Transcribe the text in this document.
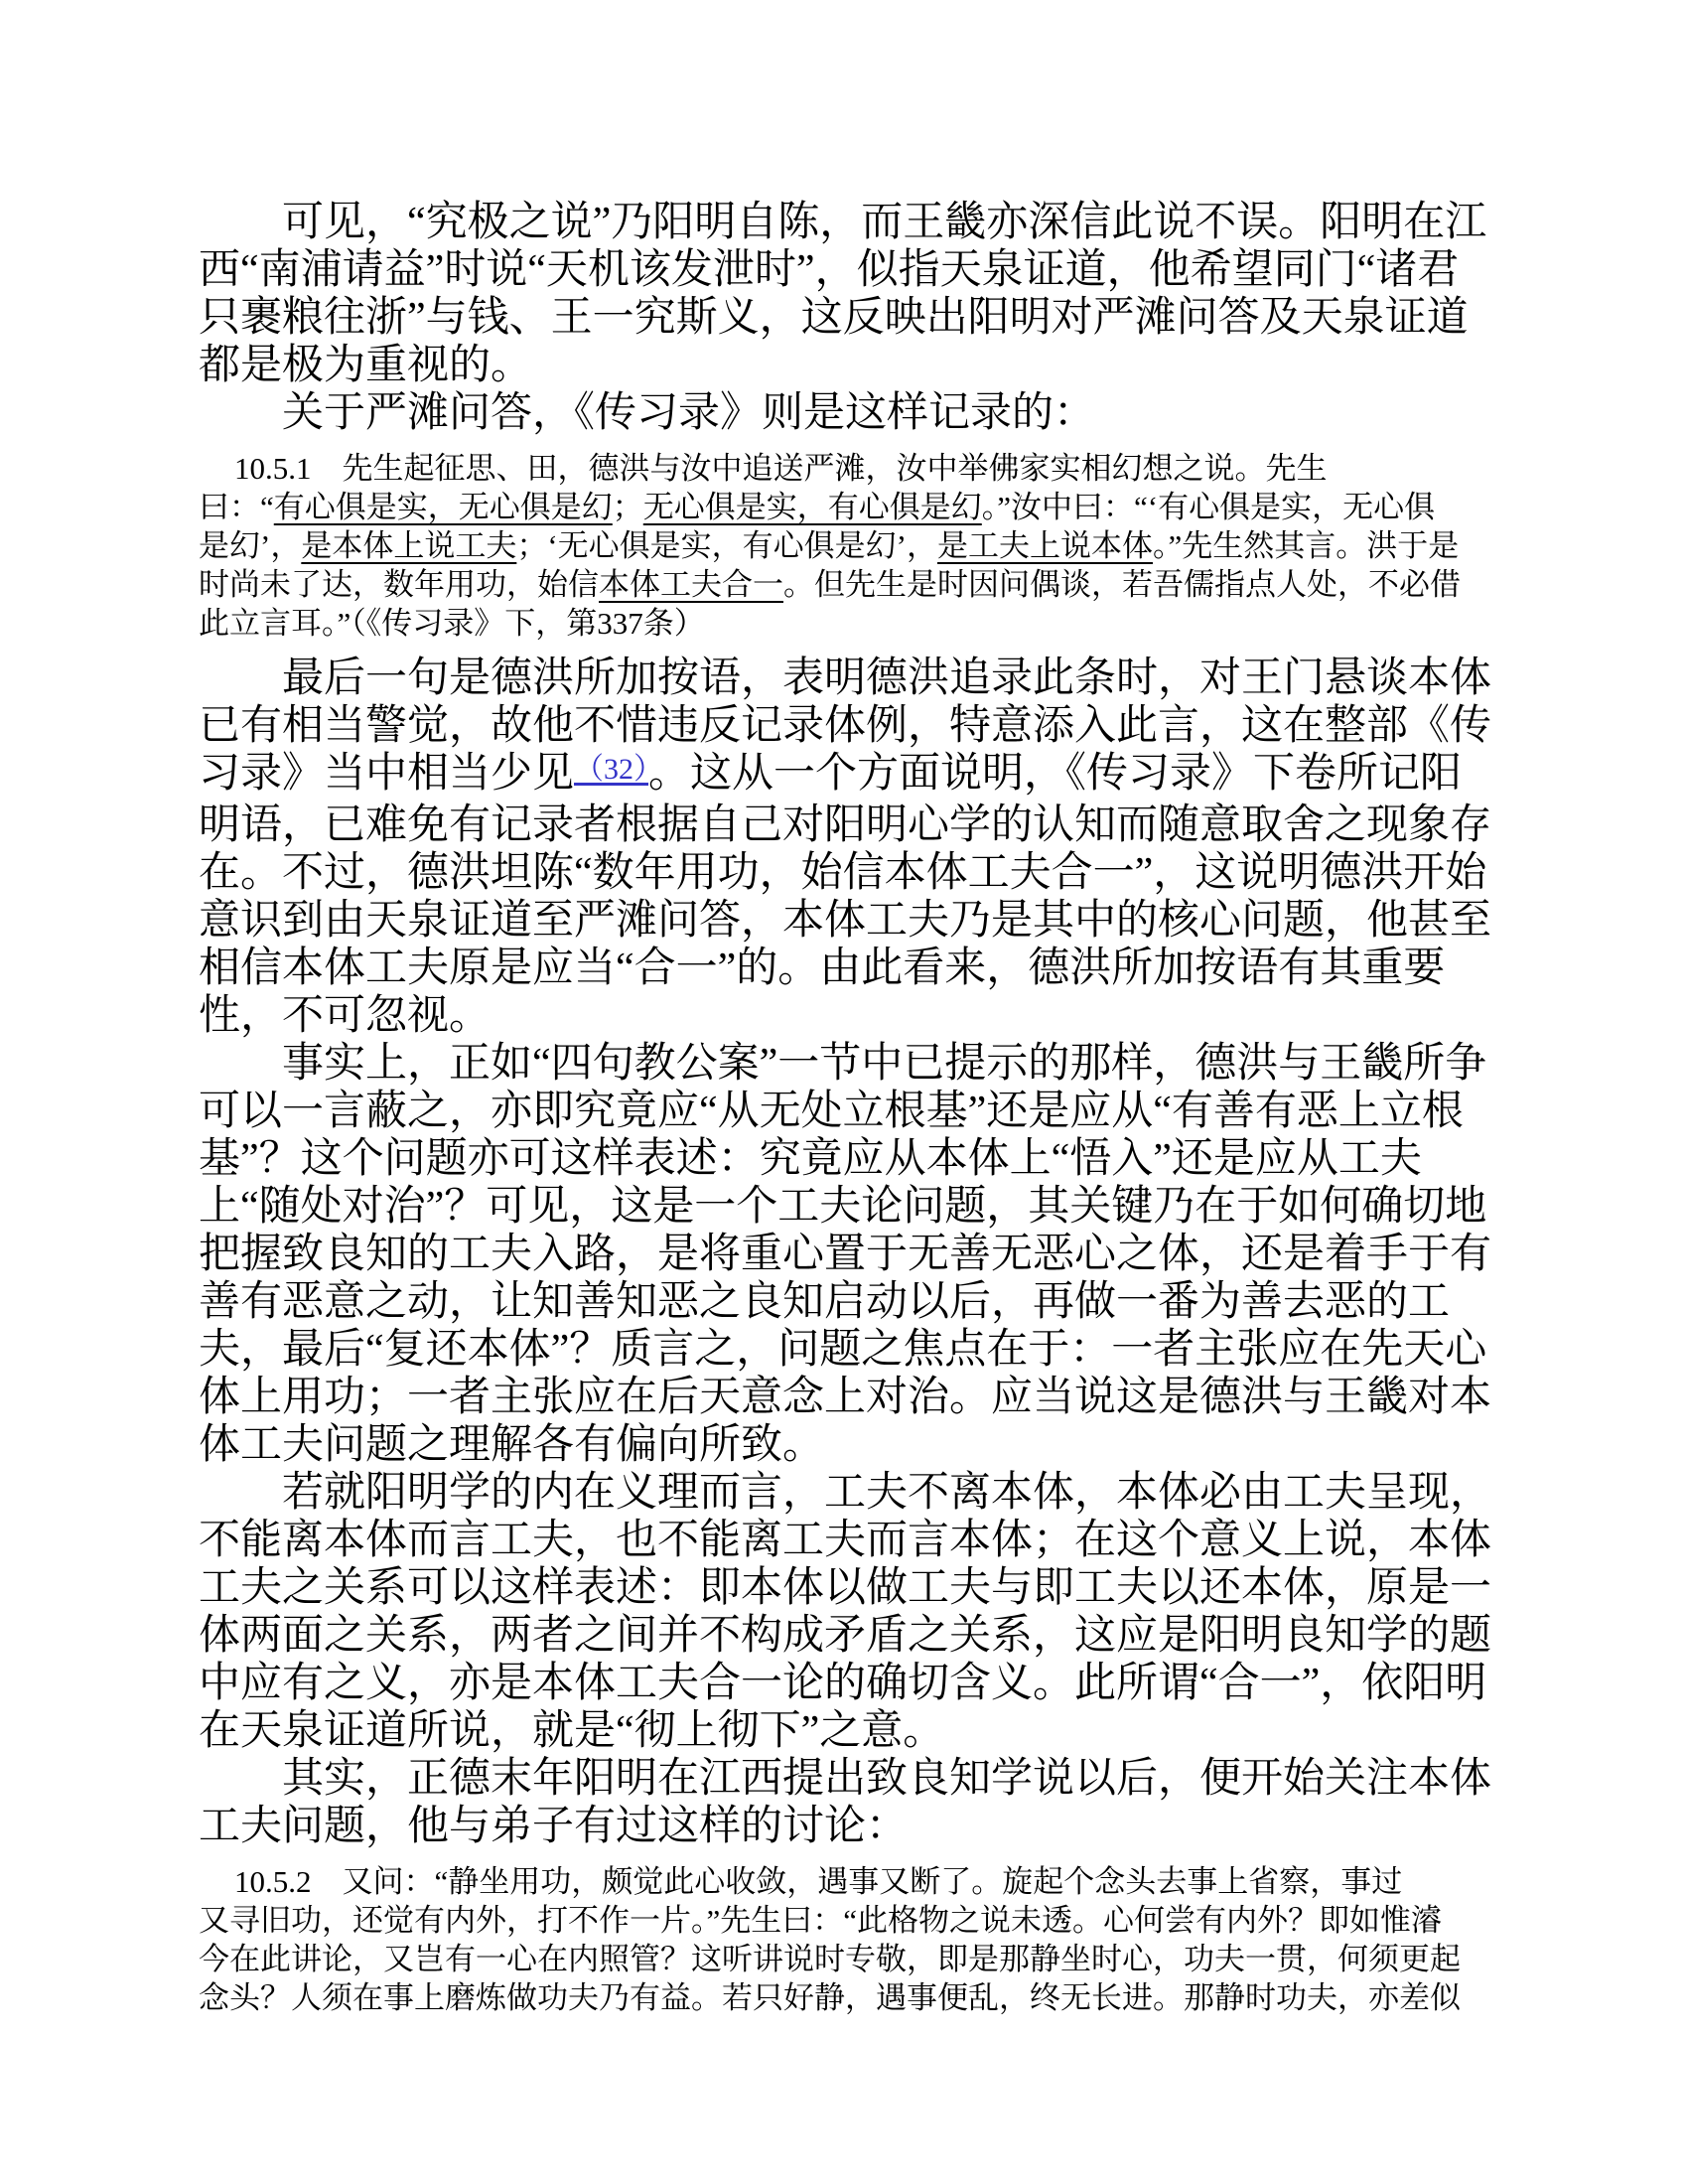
可见，“究极之说”乃阳明自陈，而王畿亦深信此说不误。阳明在江
西“南浦请益”时说“天机该发泄时”，似指天泉证道，他希望同门“诸君
只裹粮往浙”与钱、王一究斯义，这反映出阳明对严滩问答及天泉证道
都是极为重视的。
关于严滩问答，《传习录》则是这样记录的：
10.5.1　先生起征思、田，德洪与汝中追送严滩，汝中举佛家实相幻想之说。先生
曰：“有心俱是实，无心俱是幻；无心俱是实，有心俱是幻。”汝中曰：“‘有心俱是实，无心俱
是幻’，是本体上说工夫；‘无心俱是实，有心俱是幻’，是工夫上说本体。”先生然其言。洪于是
时尚未了达，数年用功，始信本体工夫合一。但先生是时因问偶谈，若吾儒指点人处，不必借
此立言耳。”（《传习录》下，第337条）
最后一句是德洪所加按语，表明德洪追录此条时，对王门悬谈本体
已有相当警觉，故他不惜违反记录体例，特意添入此言，这在整部《传
习录》当中相当少见（32）。这从一个方面说明，《传习录》下卷所记阳
明语，已难免有记录者根据自己对阳明心学的认知而随意取舍之现象存
在。不过，德洪坦陈“数年用功，始信本体工夫合一”，这说明德洪开始
意识到由天泉证道至严滩问答，本体工夫乃是其中的核心问题，他甚至
相信本体工夫原是应当“合一”的。由此看来，德洪所加按语有其重要
性，不可忽视。
事实上，正如“四句教公案”一节中已提示的那样，德洪与王畿所争
可以一言蔽之，亦即究竟应“从无处立根基”还是应从“有善有恶上立根
基”？这个问题亦可这样表述：究竟应从本体上“悟入”还是应从工夫
上“随处对治”？可见，这是一个工夫论问题，其关键乃在于如何确切地
把握致良知的工夫入路，是将重心置于无善无恶心之体，还是着手于有
善有恶意之动，让知善知恶之良知启动以后，再做一番为善去恶的工
夫，最后“复还本体”？质言之，问题之焦点在于：一者主张应在先天心
体上用功；一者主张应在后天意念上对治。应当说这是德洪与王畿对本
体工夫问题之理解各有偏向所致。
若就阳明学的内在义理而言，工夫不离本体，本体必由工夫呈现，
不能离本体而言工夫，也不能离工夫而言本体；在这个意义上说，本体
工夫之关系可以这样表述：即本体以做工夫与即工夫以还本体，原是一
体两面之关系，两者之间并不构成矛盾之关系，这应是阳明良知学的题
中应有之义，亦是本体工夫合一论的确切含义。此所谓“合一”，依阳明
在天泉证道所说，就是“彻上彻下”之意。
其实，正德末年阳明在江西提出致良知学说以后，便开始关注本体
工夫问题，他与弟子有过这样的讨论：
10.5.2　又问：“静坐用功，颇觉此心收敛，遇事又断了。旋起个念头去事上省察，事过
又寻旧功，还觉有内外，打不作一片。”先生曰：“此格物之说未透。心何尝有内外？即如惟濬
今在此讲论，又岂有一心在内照管？这听讲说时专敬，即是那静坐时心，功夫一贯，何须更起
念头？人须在事上磨炼做功夫乃有益。若只好静，遇事便乱，终无长进。那静时功夫，亦差似
